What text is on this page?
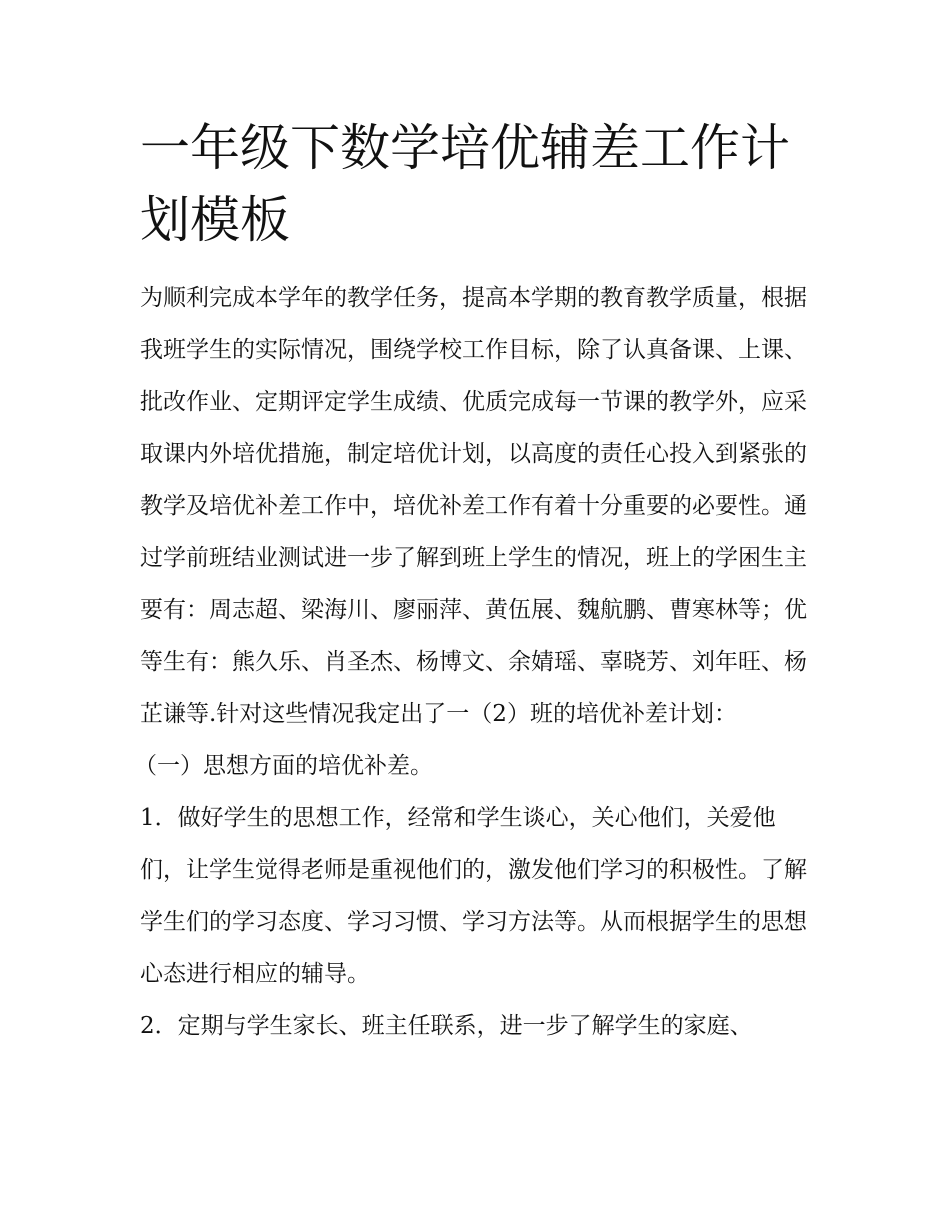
一年级下数学培优辅差工作计划模板

为顺利完成本学年的教学任务，提高本学期的教育教学质量，根据我班学生的实际情况，围绕学校工作目标，除了认真备课、上课、批改作业、定期评定学生成绩、优质完成每一节课的教学外，应采取课内外培优措施，制定培优计划，以高度的责任心投入到紧张的教学及培优补差工作中，培优补差工作有着十分重要的必要性。通过学前班结业测试进一步了解到班上学生的情况，班上的学困生主要有：周志超、梁海川、廖丽萍、黄伍展、魏航鹏、曹寒林等；优等生有：熊久乐、肖圣杰、杨博文、余婧瑶、辜晓芳、刘年旺、杨芷谦等.针对这些情况我定出了一（2）班的培优补差计划：

（一）思想方面的培优补差。

1．做好学生的思想工作，经常和学生谈心，关心他们，关爱他们，让学生觉得老师是重视他们的，激发他们学习的积极性。了解学生们的学习态度、学习习惯、学习方法等。从而根据学生的思想心态进行相应的辅导。

2．定期与学生家长、班主任联系，进一步了解学生的家庭、
